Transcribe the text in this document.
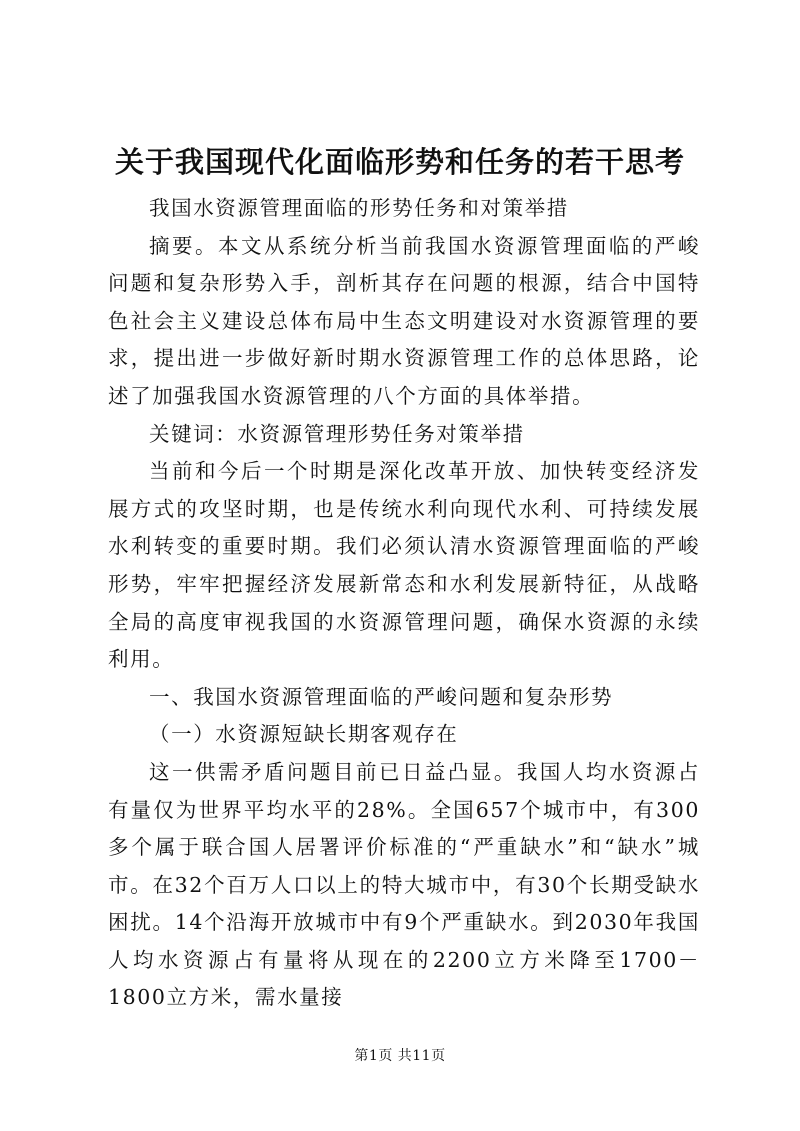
关于我国现代化面临形势和任务的若干思考

我国水资源管理面临的形势任务和对策举措

摘要。本文从系统分析当前我国水资源管理面临的严峻问题和复杂形势入手，剖析其存在问题的根源，结合中国特色社会主义建设总体布局中生态文明建设对水资源管理的要求，提出进一步做好新时期水资源管理工作的总体思路，论述了加强我国水资源管理的八个方面的具体举措。

关键词：水资源管理形势任务对策举措

当前和今后一个时期是深化改革开放、加快转变经济发展方式的攻坚时期，也是传统水利向现代水利、可持续发展水利转变的重要时期。我们必须认清水资源管理面临的严峻形势，牢牢把握经济发展新常态和水利发展新特征，从战略全局的高度审视我国的水资源管理问题，确保水资源的永续利用。

一、我国水资源管理面临的严峻问题和复杂形势

（一）水资源短缺长期客观存在

这一供需矛盾问题目前已日益凸显。我国人均水资源占有量仅为世界平均水平的28%。全国657个城市中，有300多个属于联合国人居署评价标准的“严重缺水”和“缺水”城市。在32个百万人口以上的特大城市中，有30个长期受缺水困扰。14个沿海开放城市中有9个严重缺水。到2030年我国人均水资源占有量将从现在的2200立方米降至1700－1800立方米，需水量接

第1页 共11页
